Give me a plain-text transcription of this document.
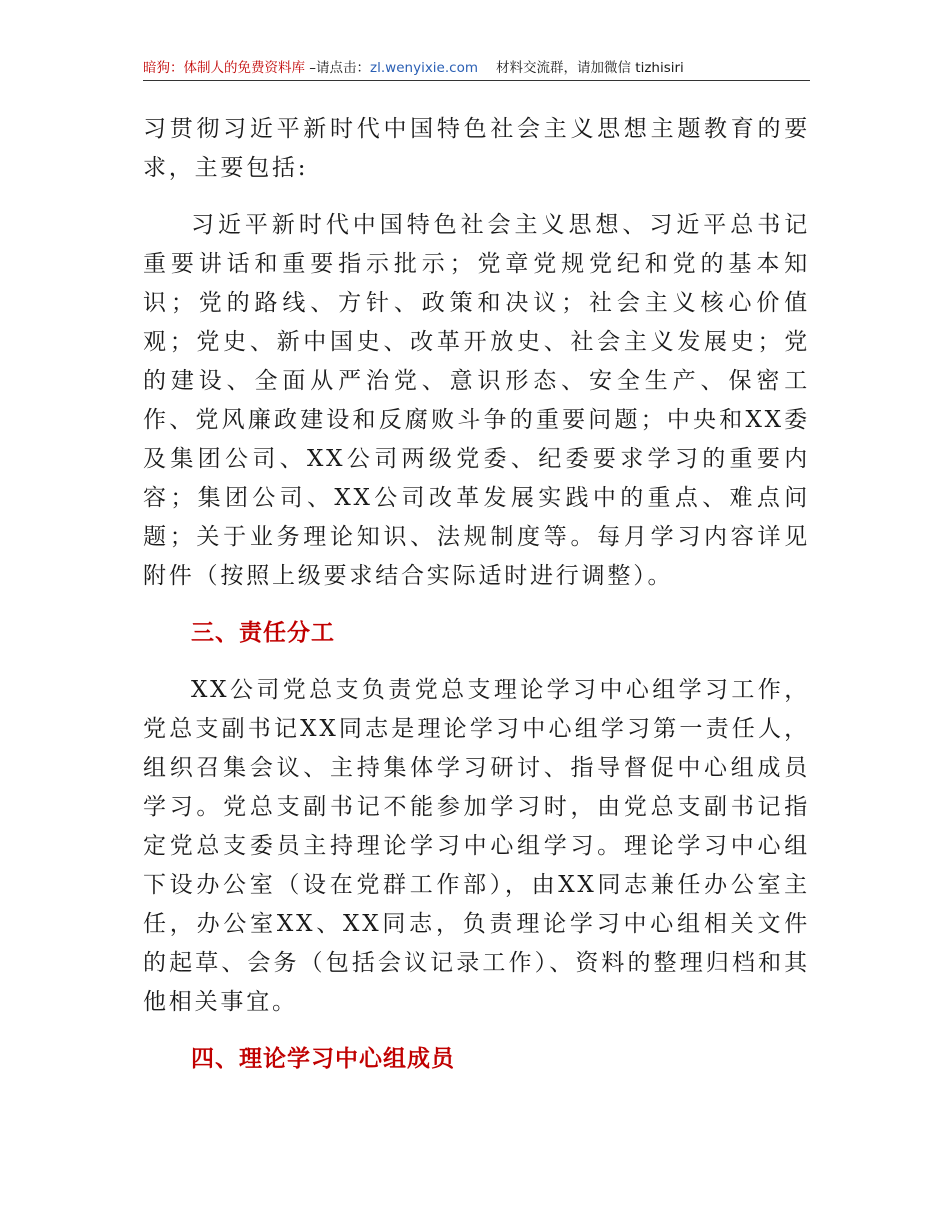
暗狗：体制人的免费资料库 –请点击：zl.wenyixie.com 材料交流群，请加微信 tizhisiri

习贯彻习近平新时代中国特色社会主义思想主题教育的要求，主要包括:

习近平新时代中国特色社会主义思想、习近平总书记重要讲话和重要指示批示；党章党规党纪和党的基本知识；党的路线、方针、政策和决议；社会主义核心价值观；党史、新中国史、改革开放史、社会主义发展史；党的建设、全面从严治党、意识形态、安全生产、保密工作、党风廉政建设和反腐败斗争的重要问题；中央和XX委及集团公司、XX公司两级党委、纪委要求学习的重要内容；集团公司、XX公司改革发展实践中的重点、难点问题；关于业务理论知识、法规制度等。每月学习内容详见附件（按照上级要求结合实际适时进行调整）。

三、责任分工

XX公司党总支负责党总支理论学习中心组学习工作，党总支副书记XX同志是理论学习中心组学习第一责任人，组织召集会议、主持集体学习研讨、指导督促中心组成员学习。党总支副书记不能参加学习时，由党总支副书记指定党总支委员主持理论学习中心组学习。理论学习中心组下设办公室（设在党群工作部），由XX同志兼任办公室主任，办公室XX、XX同志，负责理论学习中心组相关文件的起草、会务（包括会议记录工作）、资料的整理归档和其他相关事宜。

四、理论学习中心组成员
